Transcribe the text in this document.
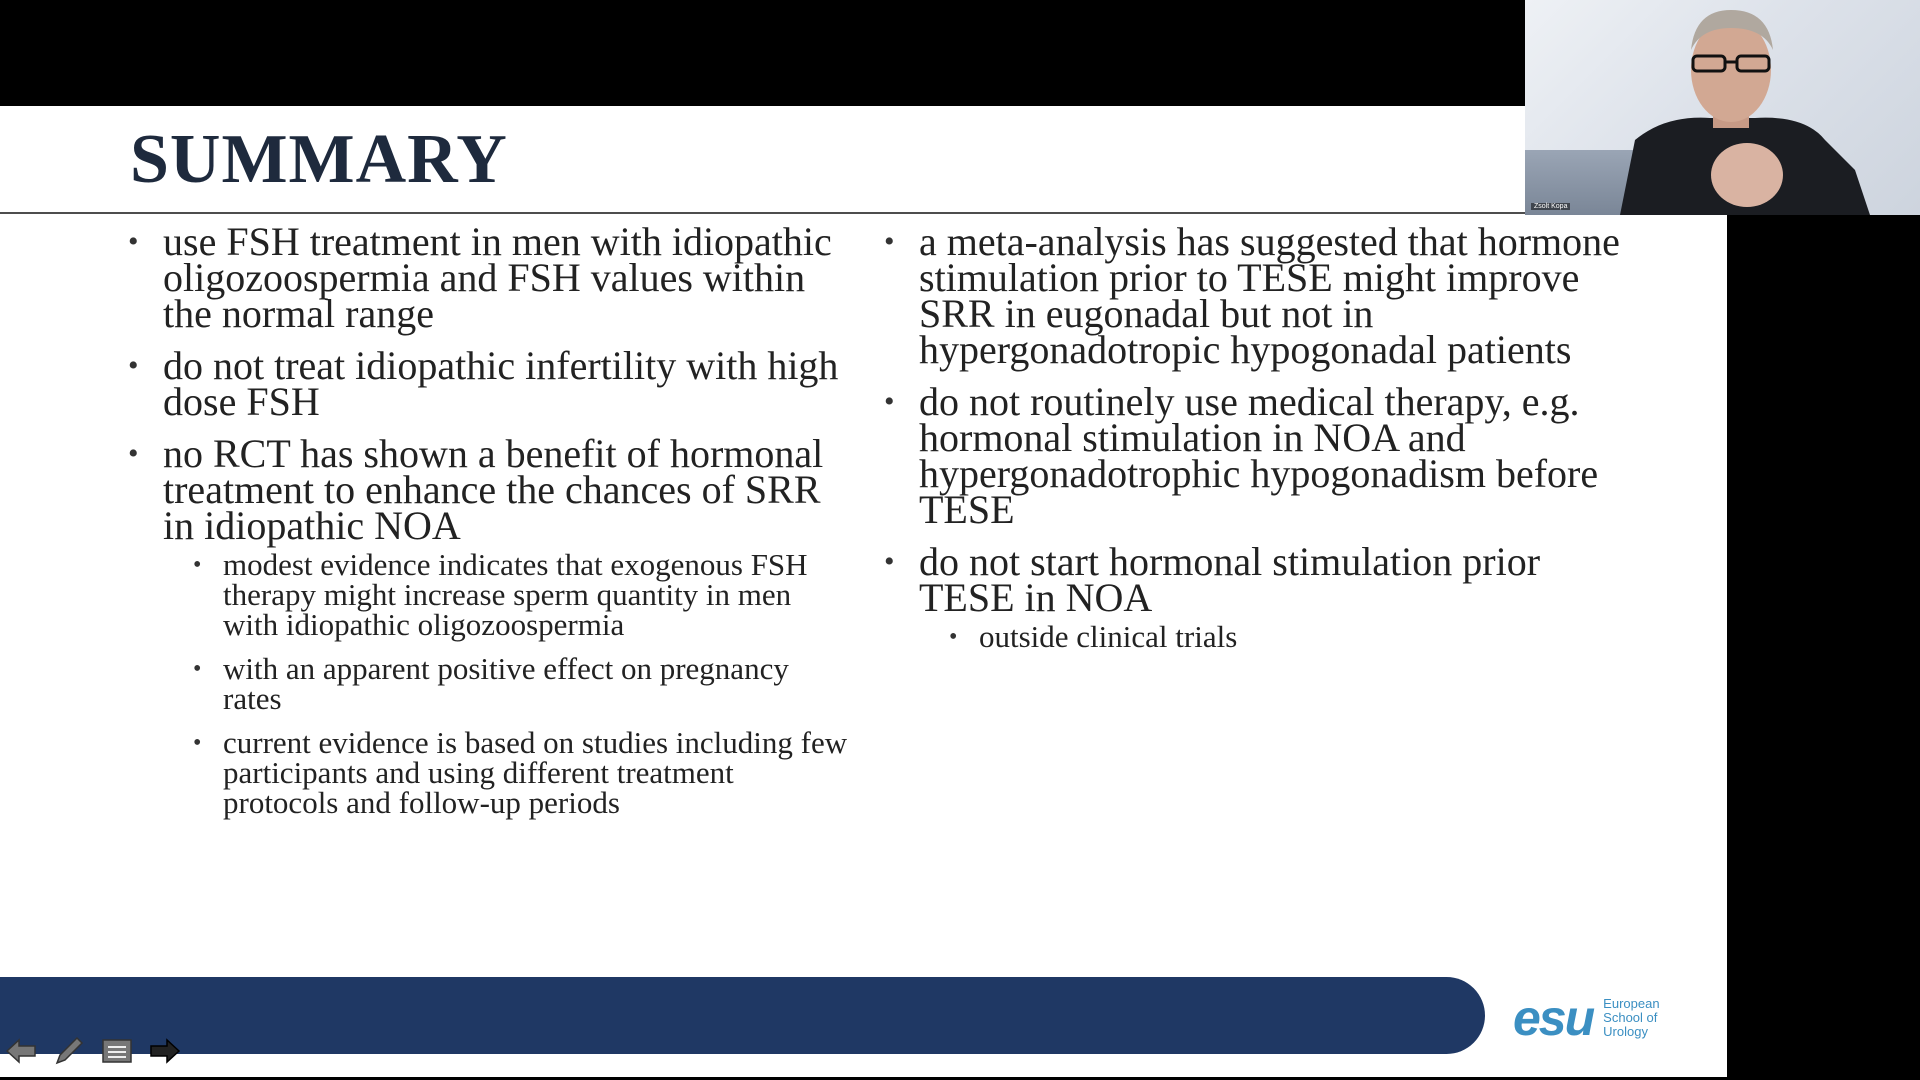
SUMMARY
• use FSH treatment in men with idiopathic oligozoospermia and FSH values within the normal range
• do not treat idiopathic infertility with high dose FSH
• no RCT has shown a benefit of hormonal treatment to enhance the chances of SRR in idiopathic NOA
• modest evidence indicates that exogenous FSH therapy might increase sperm quantity in men with idiopathic oligozoospermia
• with an apparent positive effect on pregnancy rates
• current evidence is based on studies including few participants and using different treatment protocols and follow-up periods
• a meta-analysis has suggested that hormone stimulation prior to TESE might improve SRR in eugonadal but not in hypergonadotropic hypogonadal patients
• do not routinely use medical therapy, e.g. hormonal stimulation in NOA and hypergonadotrophic hypogonadism before TESE
• do not start hormonal stimulation prior TESE in NOA
• outside clinical trials
esu European
School of
Urology
Zsolt Kopa
